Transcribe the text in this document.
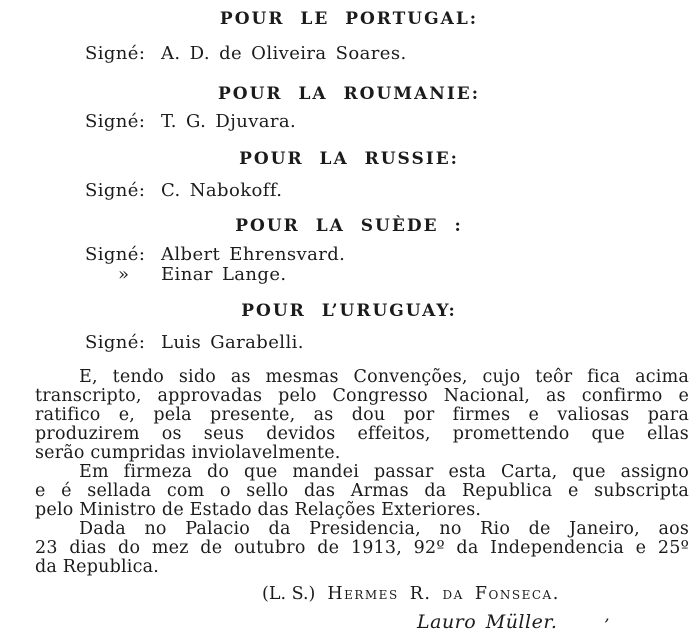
POUR LE PORTUGAL:
Signé: A. D. de Oliveira Soares.
POUR LA ROUMANIE:
Signé: T. G. Djuvara.
POUR LA RUSSIE:
Signé: C. Nabokoff.
POUR LA SUÈDE :
Signé: Albert Ehrensvard.
»	Einar Lange.
POUR L’URUGUAY:
Signé: Luis Garabelli.
E, tendo sido as mesmas Convenções, cujo teôr fica acima
transcripto, approvadas pelo Congresso Nacional, as confirmo e
ratifico e, pela presente, as dou por firmes e valiosas para
produzirem os seus devidos effeitos, promettendo que ellas
serão cumpridas inviolavelmente.
Em firmeza do que mandei passar esta Carta, que assigno
e é sellada com o sello das Armas da Republica e subscripta
pelo Ministro de Estado das Relações Exteriores.
Dada no Palacio da Presidencia, no Rio de Janeiro, aos
23 dias do mez de outubro de 1913, 92º da Independencia e 25º
da Republica.
(L. S.) Hermes R. da Fonseca.
Lauro Müller.	’
